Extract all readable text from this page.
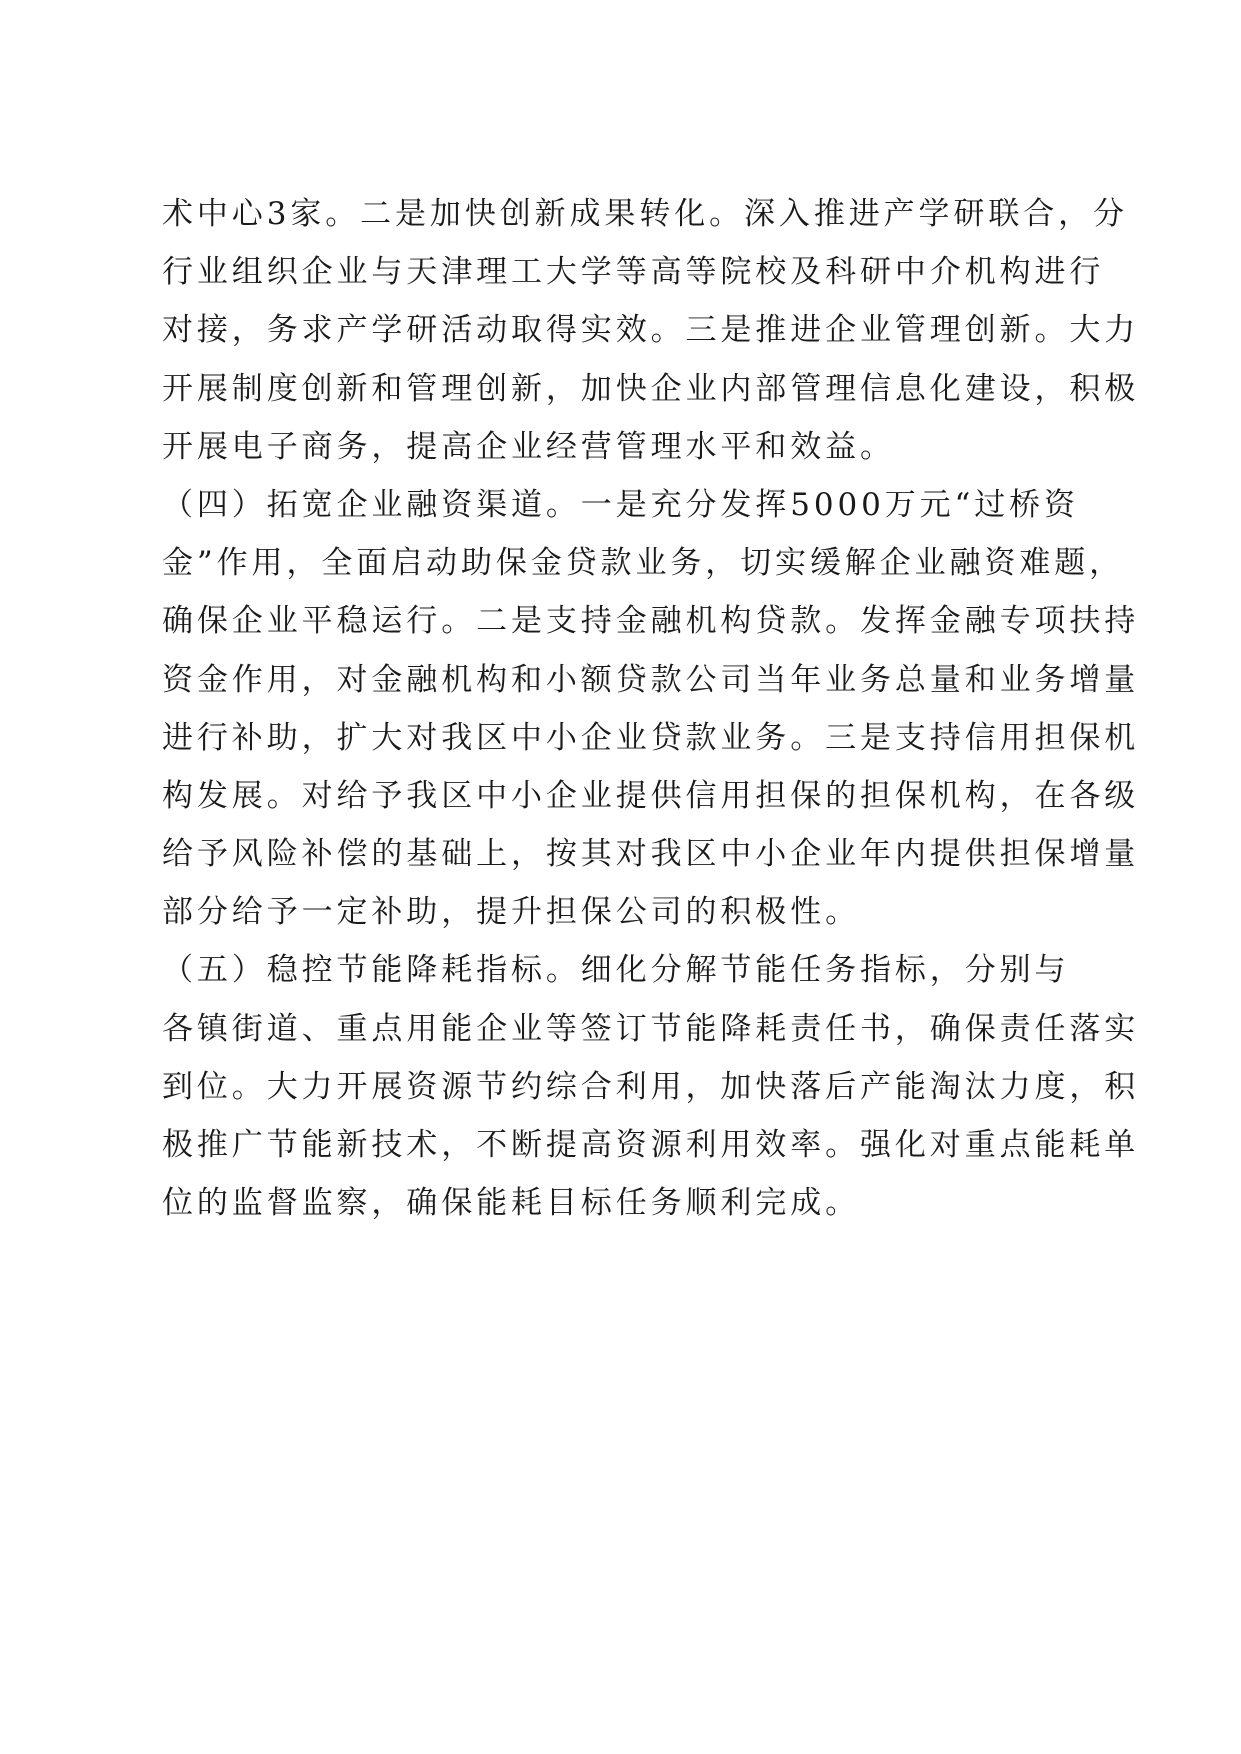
术中心3家。二是加快创新成果转化。深入推进产学研联合，分
行业组织企业与天津理工大学等高等院校及科研中介机构进行
对接，务求产学研活动取得实效。三是推进企业管理创新。大力
开展制度创新和管理创新，加快企业内部管理信息化建设，积极
开展电子商务，提高企业经营管理水平和效益。
（四）拓宽企业融资渠道。一是充分发挥5000万元“过桥资
金”作用，全面启动助保金贷款业务，切实缓解企业融资难题，
确保企业平稳运行。二是支持金融机构贷款。发挥金融专项扶持
资金作用，对金融机构和小额贷款公司当年业务总量和业务增量
进行补助，扩大对我区中小企业贷款业务。三是支持信用担保机
构发展。对给予我区中小企业提供信用担保的担保机构，在各级
给予风险补偿的基础上，按其对我区中小企业年内提供担保增量
部分给予一定补助，提升担保公司的积极性。
（五）稳控节能降耗指标。细化分解节能任务指标，分别与
各镇街道、重点用能企业等签订节能降耗责任书，确保责任落实
到位。大力开展资源节约综合利用，加快落后产能淘汰力度，积
极推广节能新技术，不断提高资源利用效率。强化对重点能耗单
位的监督监察，确保能耗目标任务顺利完成。
